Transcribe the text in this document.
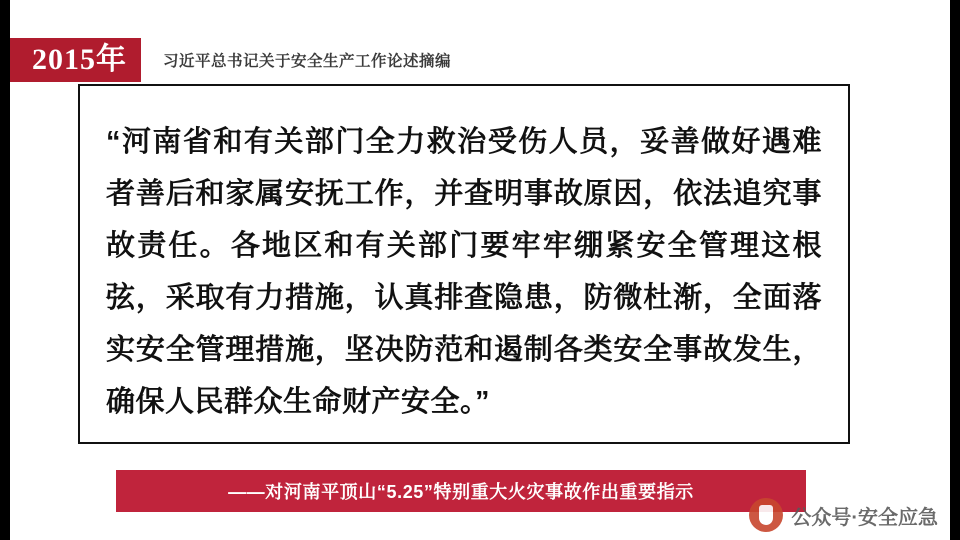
2015年	习近平总书记关于安全生产工作论述摘编
“河南省和有关部门全力救治受伤人员，妥善做好遇难者善后和家属安抚工作，并查明事故原因，依法追究事故责任。各地区和有关部门要牢牢绷紧安全管理这根弦，采取有力措施，认真排查隐患，防微杜渐，全面落实安全管理措施，坚决防范和遏制各类安全事故发生，确保人民群众生命财产安全。”
——对河南平顶山“5.25”特别重大火灾事故作出重要指示
公众号·安全应急
